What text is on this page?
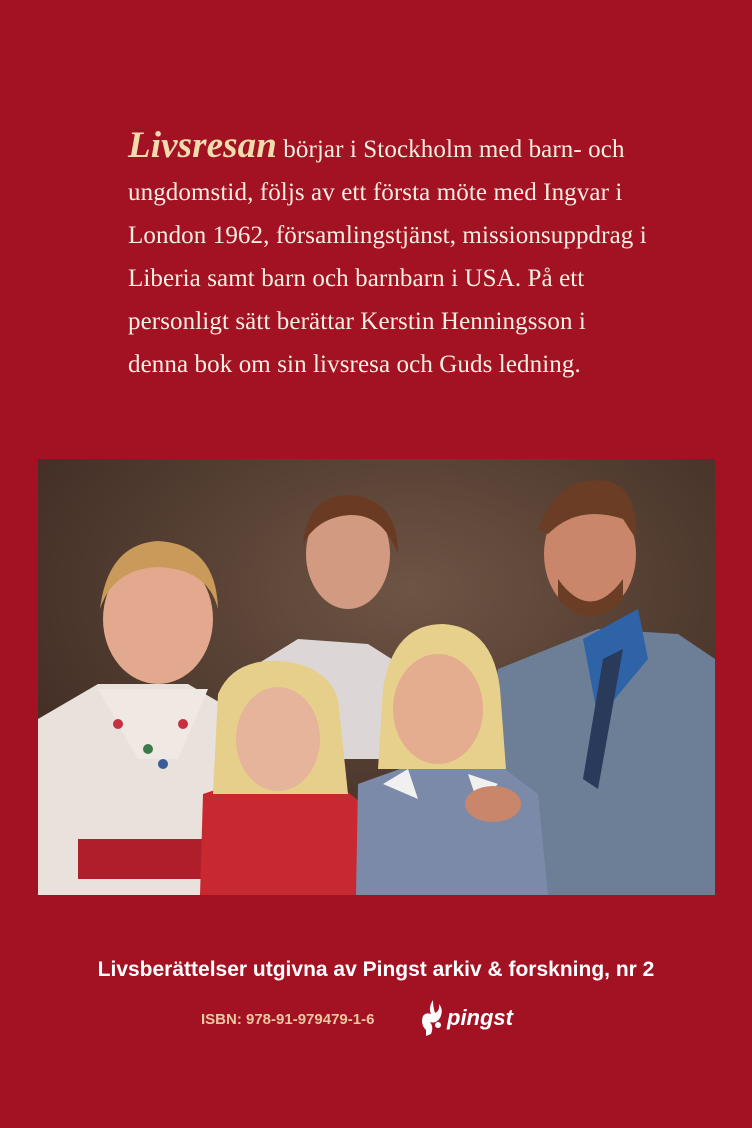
Livsresan börjar i Stockholm med barn- och ungdomstid, följs av ett första möte med Ingvar i London 1962, församlingstjänst, missionsuppdrag i Liberia samt barn och barnbarn i USA. På ett personligt sätt berättar Kerstin Henningsson i denna bok om sin livsresa och Guds ledning.

Livsberättelser utgivna av Pingst arkiv & forskning, nr 2

ISBN: 978-91-979479-1-6	pingst
